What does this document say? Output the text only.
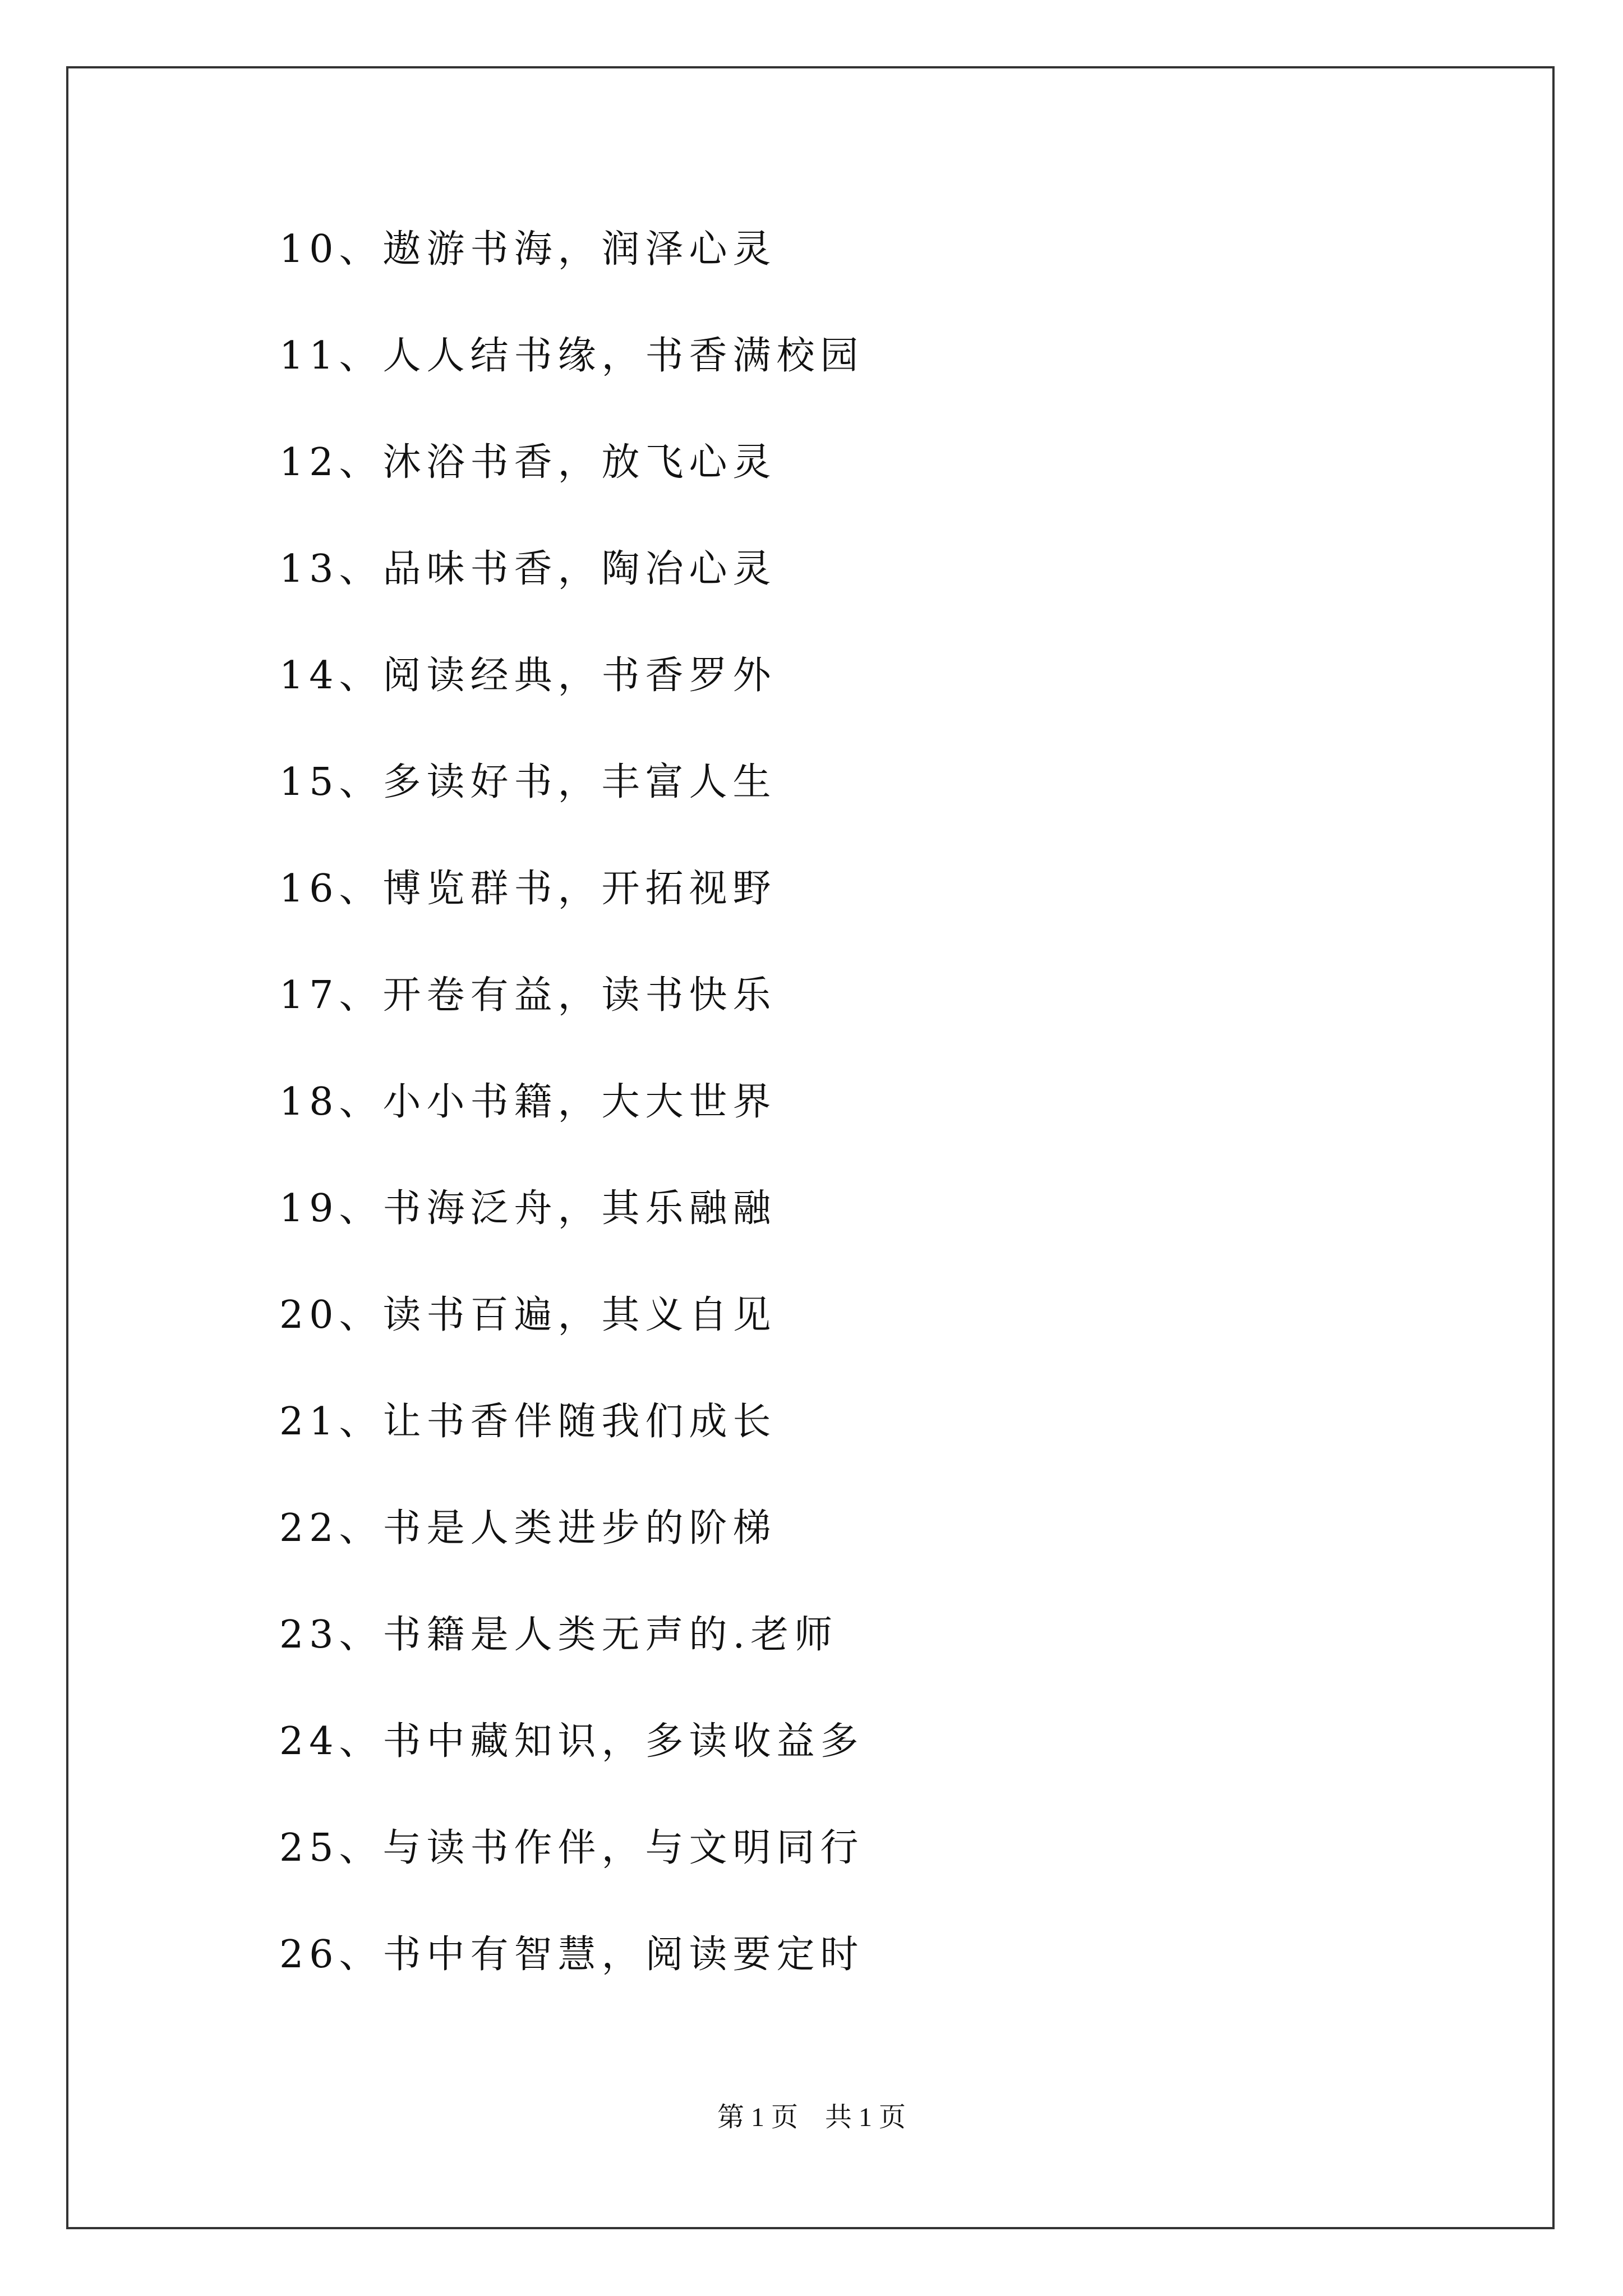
10、遨游书海，润泽心灵
11、人人结书缘，书香满校园
12、沐浴书香，放飞心灵
13、品味书香，陶冶心灵
14、阅读经典，书香罗外
15、多读好书，丰富人生
16、博览群书，开拓视野
17、开卷有益，读书快乐
18、小小书籍，大大世界
19、书海泛舟，其乐融融
20、读书百遍，其义自见
21、让书香伴随我们成长
22、书是人类进步的阶梯
23、书籍是人类无声的.老师
24、书中藏知识，多读收益多
25、与读书作伴，与文明同行
26、书中有智慧，阅读要定时
第 1 页    共 1 页
